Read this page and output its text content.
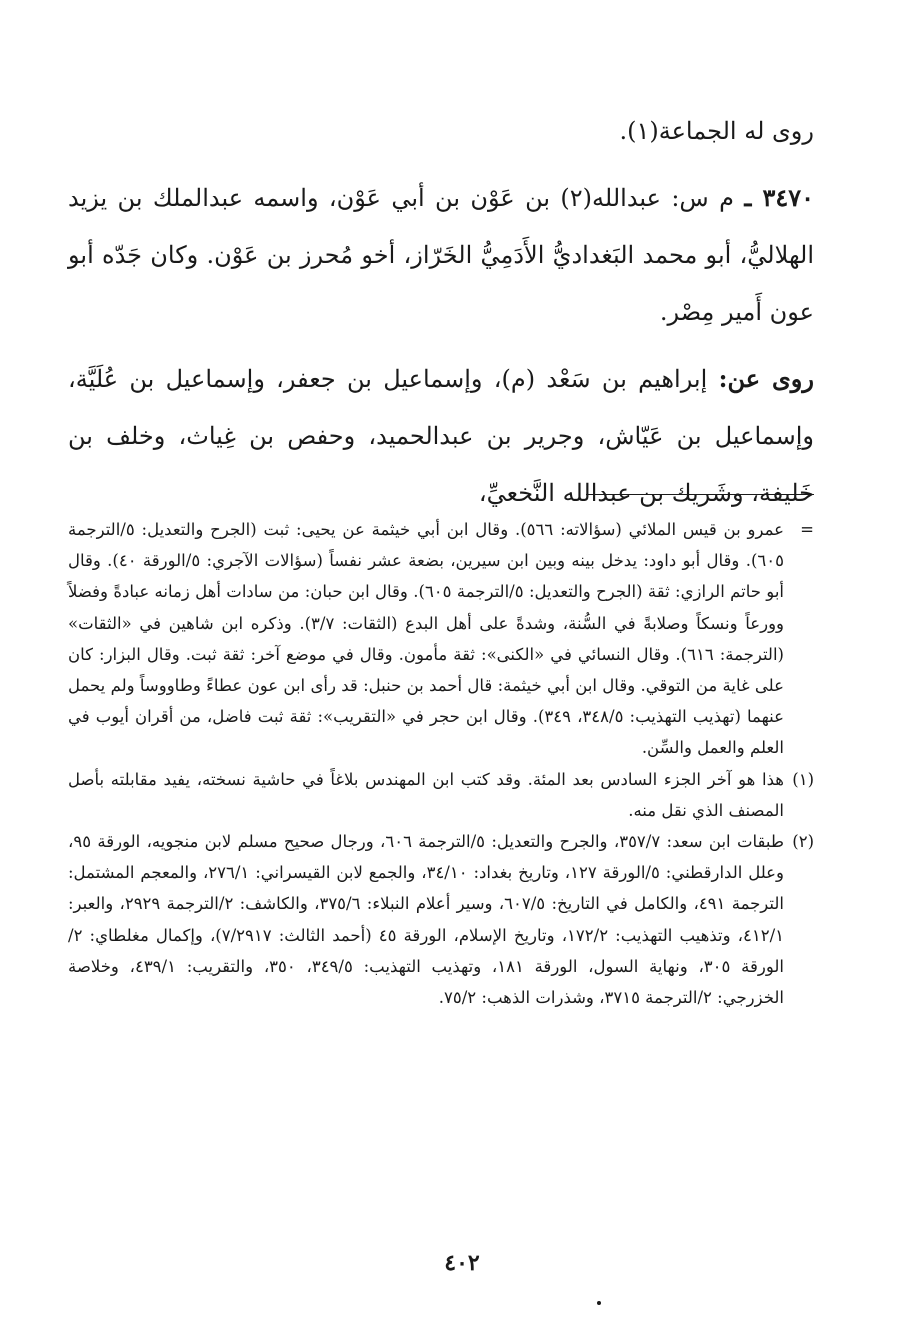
روى له الجماعة(١).

٣٤٧٠ ـ م س: عبدالله(٢) بن عَوْن بن أبي عَوْن، واسمه عبدالملك بن يزيد الهلاليُّ، أبو محمد البَغداديُّ الأَدَمِيُّ الخَرّاز، أخو مُحرز بن عَوْن. وكان جَدّه أبو عون أَمير مِصْر.

روى عن: إبراهيم بن سَعْد (م)، وإسماعيل بن جعفر، وإسماعيل بن عُلَيَّة، وإسماعيل بن عَيّاش، وجرير بن عبدالحميد، وحفص بن غِياث، وخلف بن خَليفة، وشَريك بن عبدالله النَّخعيِّ،

=
عمرو بن قيس الملائي (سؤالاته: ٥٦٦). وقال ابن أبي خيثمة عن يحيى: ثبت (الجرح والتعديل: ٥/الترجمة ٦٠٥). وقال أبو داود: يدخل بينه وبين ابن سيرين، بضعة عشر نفساً (سؤالات الآجري: ٥/الورقة ٤٠). وقال أبو حاتم الرازي: ثقة (الجرح والتعديل: ٥/الترجمة ٦٠٥). وقال ابن حبان: من سادات أهل زمانه عبادةً وفضلاً وورعاً ونسكاً وصلابةً في السُّنة، وشدةً على أهل البدع (الثقات: ٣/٧). وذكره ابن شاهين في «الثقات» (الترجمة: ٦١٦). وقال النسائي في «الكنى»: ثقة مأمون. وقال في موضع آخر: ثقة ثبت. وقال البزار: كان على غاية من التوقي. وقال ابن أبي خيثمة: قال أحمد بن حنبل: قد رأى ابن عون عطاءً وطاووساً ولم يحمل عنهما (تهذيب التهذيب: ٣٤٨/٥، ٣٤٩). وقال ابن حجر في «التقريب»: ثقة ثبت فاضل، من أقران أيوب في العلم والعمل والسِّن.
(١)
هذا هو آخر الجزء السادس بعد المئة. وقد كتب ابن المهندس بلاغاً في حاشية نسخته، يفيد مقابلته بأصل المصنف الذي نقل منه.
(٢)
طبقات ابن سعد: ٣٥٧/٧، والجرح والتعديل: ٥/الترجمة ٦٠٦، ورجال صحيح مسلم لابن منجويه، الورقة ٩٥، وعلل الدارقطني: ٥/الورقة ١٢٧، وتاريخ بغداد: ٣٤/١٠، والجمع لابن القيسراني: ٢٧٦/١، والمعجم المشتمل: الترجمة ٤٩١، والكامل في التاريخ: ٦٠٧/٥، وسير أعلام النبلاء: ٣٧٥/٦، والكاشف: ٢/الترجمة ٢٩٢٩، والعبر: ٤١٢/١، وتذهيب التهذيب: ١٧٢/٢، وتاريخ الإسلام، الورقة ٤٥ (أحمد الثالث: ٧/٢٩١٧)، وإكمال مغلطاي: ٢/الورقة ٣٠٥، ونهاية السول، الورقة ١٨١، وتهذيب التهذيب: ٣٤٩/٥، ٣٥٠، والتقريب: ٤٣٩/١، وخلاصة الخزرجي: ٢/الترجمة ٣٧١٥، وشذرات الذهب: ٧٥/٢.
٤٠٢
